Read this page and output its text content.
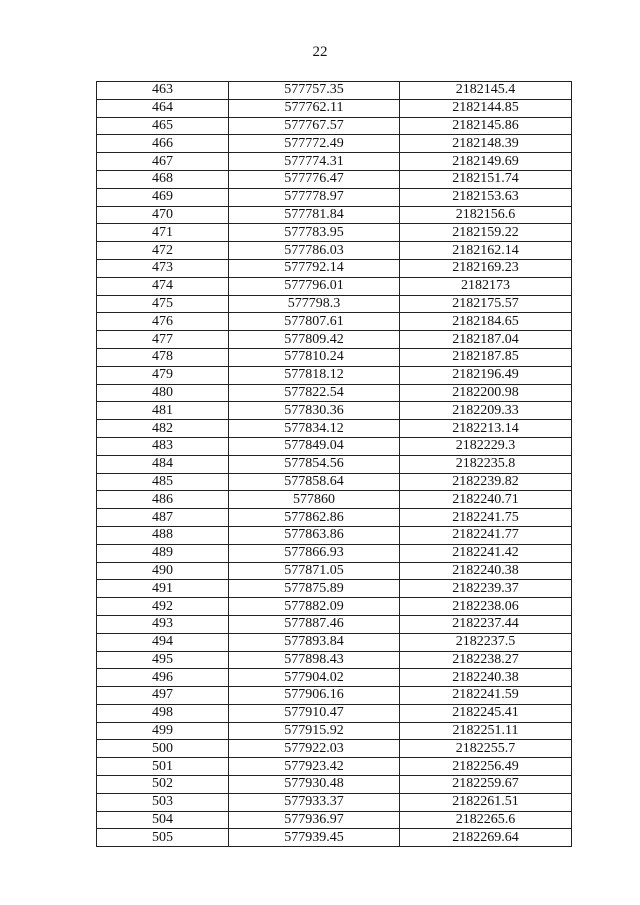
22
463	577757.35	2182145.4
464	577762.11	2182144.85
465	577767.57	2182145.86
466	577772.49	2182148.39
467	577774.31	2182149.69
468	577776.47	2182151.74
469	577778.97	2182153.63
470	577781.84	2182156.6
471	577783.95	2182159.22
472	577786.03	2182162.14
473	577792.14	2182169.23
474	577796.01	2182173
475	577798.3	2182175.57
476	577807.61	2182184.65
477	577809.42	2182187.04
478	577810.24	2182187.85
479	577818.12	2182196.49
480	577822.54	2182200.98
481	577830.36	2182209.33
482	577834.12	2182213.14
483	577849.04	2182229.3
484	577854.56	2182235.8
485	577858.64	2182239.82
486	577860	2182240.71
487	577862.86	2182241.75
488	577863.86	2182241.77
489	577866.93	2182241.42
490	577871.05	2182240.38
491	577875.89	2182239.37
492	577882.09	2182238.06
493	577887.46	2182237.44
494	577893.84	2182237.5
495	577898.43	2182238.27
496	577904.02	2182240.38
497	577906.16	2182241.59
498	577910.47	2182245.41
499	577915.92	2182251.11
500	577922.03	2182255.7
501	577923.42	2182256.49
502	577930.48	2182259.67
503	577933.37	2182261.51
504	577936.97	2182265.6
505	577939.45	2182269.64
